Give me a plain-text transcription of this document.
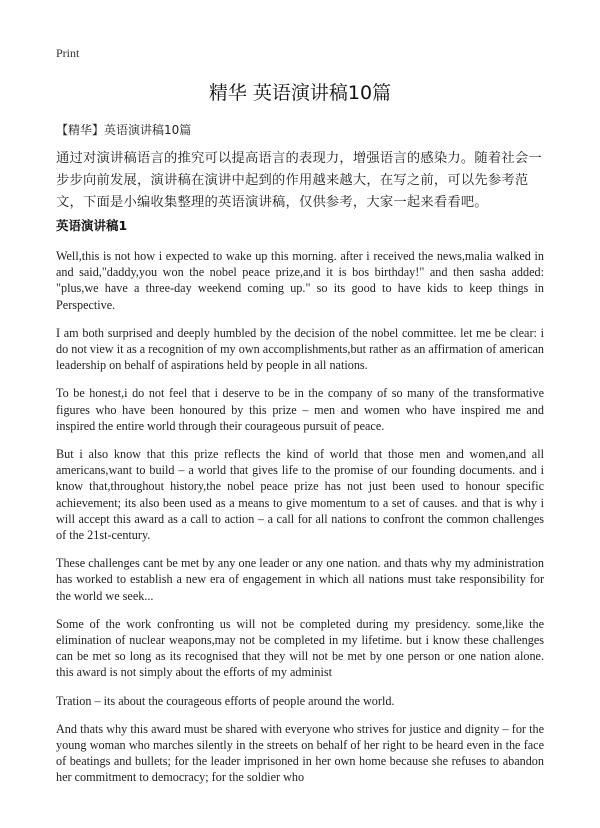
Print
精华 英语演讲稿10篇
【精华】英语演讲稿10篇

通过对演讲稿语言的推究可以提高语言的表现力，增强语言的感染力。随着社会一步步向前发展，演讲稿在演讲中起到的作用越来越大，在写之前，可以先参考范文，下面是小编收集整理的英语演讲稿，仅供参考，大家一起来看看吧。

英语演讲稿1

Well,this is not how i expected to wake up this morning. after i received the news,malia walked in and said,"daddy,you won the nobel peace prize,and it is bos birthday!" and then sasha added: "plus,we have a three-day weekend coming up." so its good to have kids to keep things in Perspective.

I am both surprised and deeply humbled by the decision of the nobel committee. let me be clear: i do not view it as a recognition of my own accomplishments,but rather as an affirmation of american leadership on behalf of aspirations held by people in all nations.

To be honest,i do not feel that i deserve to be in the company of so many of the transformative figures who have been honoured by this prize – men and women who have inspired me and inspired the entire world through their courageous pursuit of peace.

But i also know that this prize reflects the kind of world that those men and women,and all americans,want to build – a world that gives life to the promise of our founding documents. and i know that,throughout history,the nobel peace prize has not just been used to honour specific achievement; its also been used as a means to give momentum to a set of causes. and that is why i will accept this award as a call to action – a call for all nations to confront the common challenges of the 21st-century.

These challenges cant be met by any one leader or any one nation. and thats why my administration has worked to establish a new era of engagement in which all nations must take responsibility for the world we seek...

Some of the work confronting us will not be completed during my presidency. some,like the elimination of nuclear weapons,may not be completed in my lifetime. but i know these challenges can be met so long as its recognised that they will not be met by one person or one nation alone. this award is not simply about the efforts of my administ

Tration – its about the courageous efforts of people around the world.

And thats why this award must be shared with everyone who strives for justice and dignity – for the young woman who marches silently in the streets on behalf of her right to be heard even in the face of beatings and bullets; for the leader imprisoned in her own home because she refuses to abandon her commitment to democracy; for the soldier who
